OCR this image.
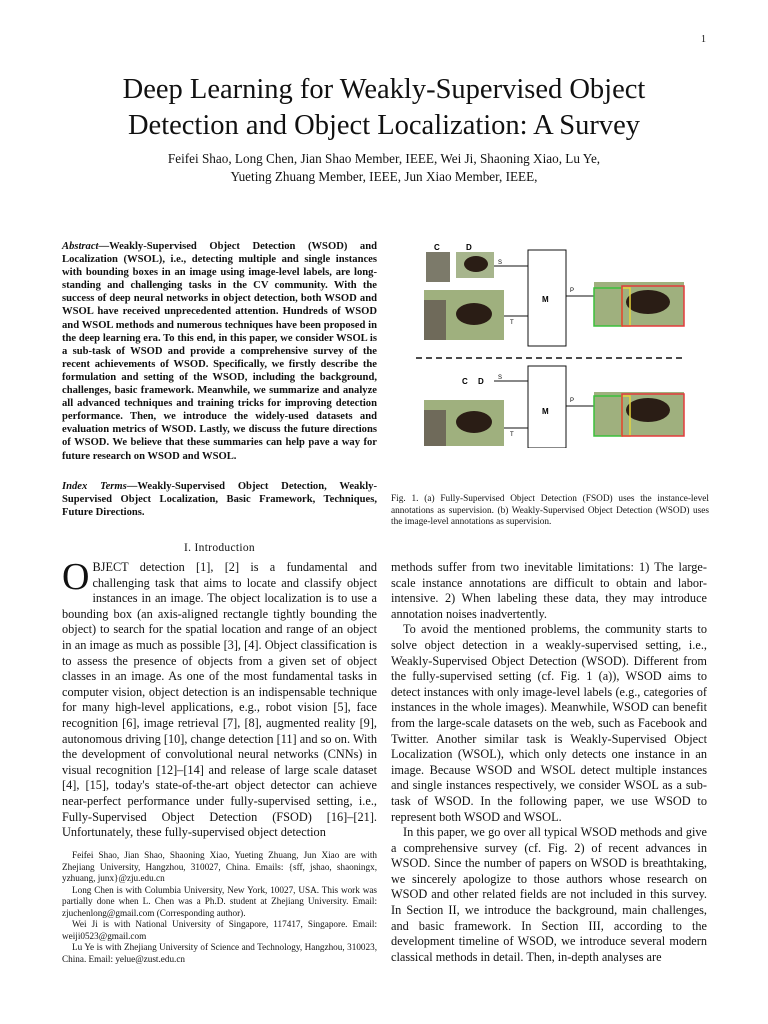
1
Deep Learning for Weakly-Supervised Object
Detection and Object Localization: A Survey
Feifei Shao, Long Chen, Jian Shao Member, IEEE, Wei Ji, Shaoning Xiao, Lu Ye,
Yueting Zhuang Member, IEEE, Jun Xiao Member, IEEE,
Abstract—Weakly-Supervised Object Detection (WSOD) and Localization (WSOL), i.e., detecting multiple and single instances with bounding boxes in an image using image-level labels, are long-standing and challenging tasks in the CV community. With the success of deep neural networks in object detection, both WSOD and WSOL have received unprecedented attention. Hundreds of WSOD and WSOL methods and numerous techniques have been proposed in the deep learning era. To this end, in this paper, we consider WSOL is a sub-task of WSOD and provide a comprehensive survey of the recent achievements of WSOD. Specifically, we firstly describe the formulation and setting of the WSOD, including the background, challenges, basic framework. Meanwhile, we summarize and analyze all advanced techniques and training tricks for improving detection performance. Then, we introduce the widely-used datasets and evaluation metrics of WSOD. Lastly, we discuss the future directions of WSOD. We believe that these summaries can help pave a way for future research on WSOD and WSOL.
Index Terms—Weakly-Supervised Object Detection, Weakly-Supervised Object Localization, Basic Framework, Techniques, Future Directions.
I. Introduction
OBJECT detection [1], [2] is a fundamental and challenging task that aims to locate and classify object instances in an image. The object localization is to use a bounding box (an axis-aligned rectangle tightly bounding the object) to search for the spatial location and range of an object in an image as much as possible [3], [4]. Object classification is to assess the presence of objects from a given set of object classes in an image. As one of the most fundamental tasks in computer vision, object detection is an indispensable technique for many high-level applications, e.g., robot vision [5], face recognition [6], image retrieval [7], [8], augmented reality [9], autonomous driving [10], change detection [11] and so on. With the development of convolutional neural networks (CNNs) in visual recognition [12]–[14] and release of large scale dataset [4], [15], today's state-of-the-art object detector can achieve near-perfect performance under fully-supervised setting, i.e., Fully-Supervised Object Detection (FSOD) [16]–[21]. Unfortunately, these fully-supervised object detection

Feifei Shao, Jian Shao, Shaoning Xiao, Yueting Zhuang, Jun Xiao are with Zhejiang University, Hangzhou, 310027, China. Emails: {sff, jshao, shaoningx, yzhuang, junx}@zju.edu.cn

Long Chen is with Columbia University, New York, 10027, USA. This work was partially done when L. Chen was a Ph.D. student at Zhejiang University. Email: zjuchenlong@gmail.com (Corresponding author).

Wei Ji is with National University of Singapore, 117417, Singapore. Email: weiji0523@gmail.com

Lu Ye is with Zhejiang University of Science and Technology, Hangzhou, 310023, China. Email: yelue@zust.edu.cn

methods suffer from two inevitable limitations: 1) The large-scale instance annotations are difficult to obtain and labor-intensive. 2) When labeling these data, they may introduce annotation noises inadvertently.

To avoid the mentioned problems, the community starts to solve object detection in a weakly-supervised setting, i.e., Weakly-Supervised Object Detection (WSOD). Different from the fully-supervised setting (cf. Fig. 1 (a)), WSOD aims to detect instances with only image-level labels (e.g., categories of instances in the whole images). Meanwhile, WSOD can benefit from the large-scale datasets on the web, such as Facebook and Twitter. Another similar task is Weakly-Supervised Object Localization (WSOL), which only detects one instance in an image. Because WSOD and WSOL detect multiple instances and single instances respectively, we consider WSOL as a sub-task of WSOD. In the following paper, we use WSOD to represent both WSOD and WSOL.

In this paper, we go over all typical WSOD methods and give a comprehensive survey (cf. Fig. 2) of recent advances in WSOD. Since the number of papers on WSOD is breathtaking, we sincerely apologize to those authors whose research on WSOD and other related fields are not included in this survey. In Section II, we introduce the background, main challenges, and basic framework. In Section III, according to the development timeline of WSOD, we introduce several modern classical methods in detail. Then, in-depth analyses are

C	D
S
T
M
P
C D S
T
M
P
Fig. 1. (a) Fully-Supervised Object Detection (FSOD) uses the instance-level annotations as supervision. (b) Weakly-Supervised Object Detection (WSOD) uses the image-level annotations as supervision.
